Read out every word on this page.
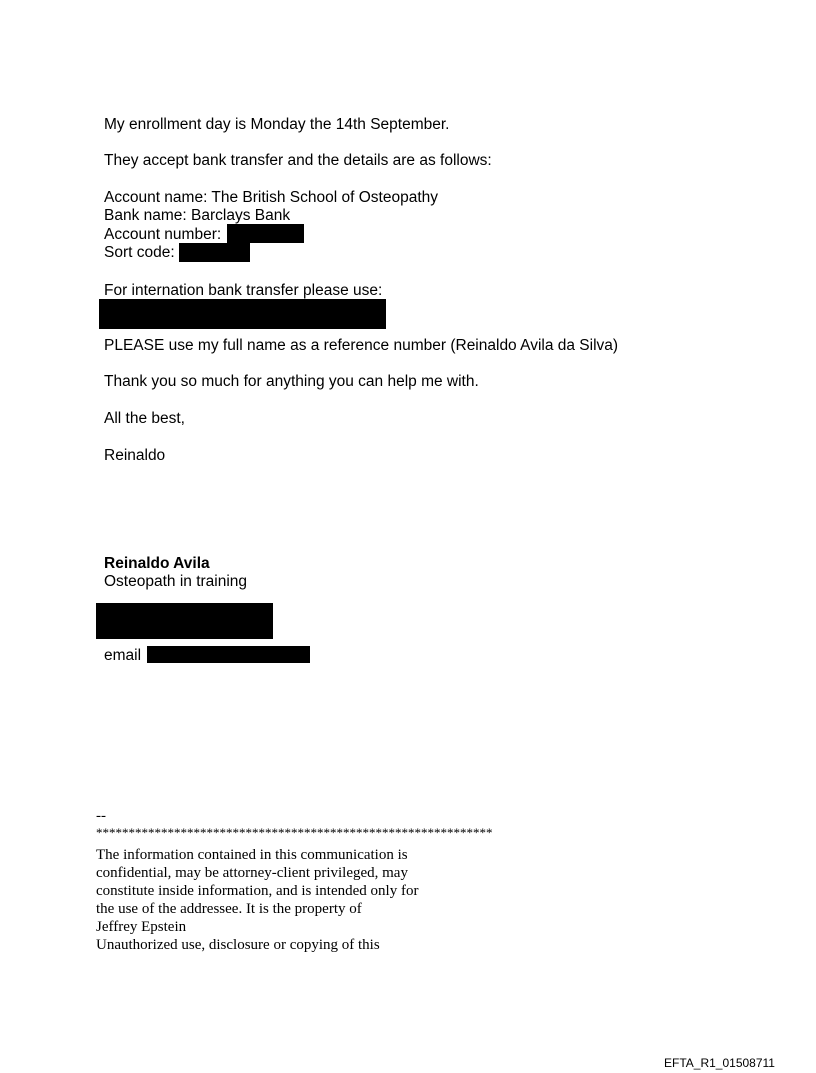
My enrollment day is Monday the 14th September.
They accept bank transfer and the details are as follows:
Account name: The British School of Osteopathy
Bank name: Barclays Bank
Account number:
Sort code:
For internation bank transfer please use:
PLEASE use my full name as a reference number (Reinaldo Avila da Silva)
Thank you so much for anything you can help me with.
All the best,
Reinaldo
Reinaldo Avila
Osteopath in training
email
--
*************************************************************
The information contained in this communication is
confidential, may be attorney-client privileged, may
constitute inside information, and is intended only for
the use of the addressee. It is the property of
Jeffrey Epstein
Unauthorized use, disclosure or copying of this
EFTA_R1_01508711
